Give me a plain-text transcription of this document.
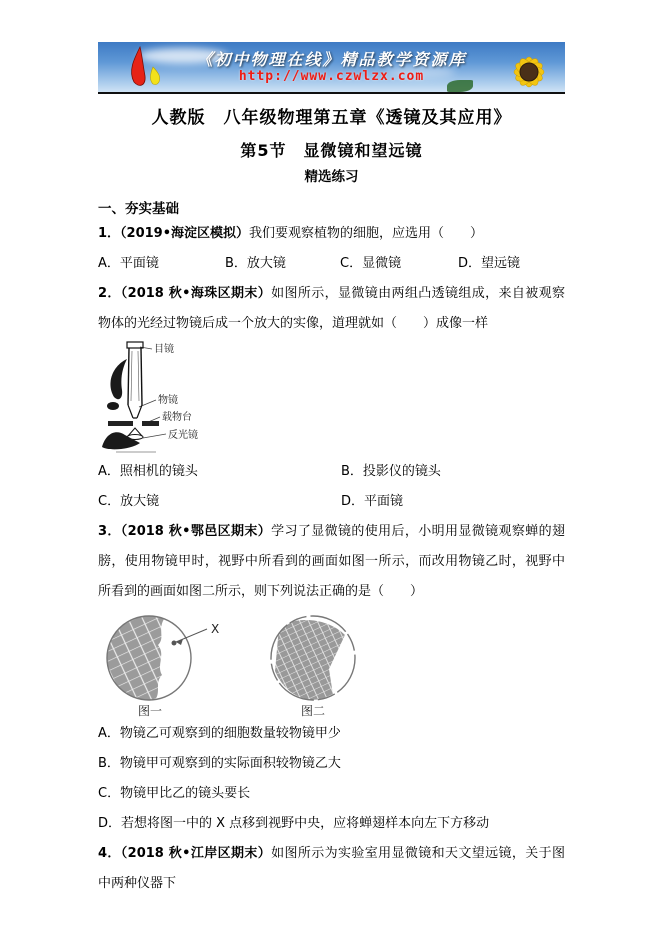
《初中物理在线》精品教学资源库
http://www.czwlzx.com
人教版　八年级物理第五章《透镜及其应用》
第5节　显微镜和望远镜
精选练习
一、夯实基础

1．（2019•海淀区模拟）我们要观察植物的细胞，应选用（　　）

A．平面镜	B．放大镜	C．显微镜	D．望远镜

2．（2018 秋•海珠区期末）如图所示，显微镜由两组凸透镜组成，来自被观察物体的光经过物镜后成一个放大的实像，道理就如（　　）成像一样

目镜
物镜
载物台
反光镜
A．照相机的镜头	B．投影仪的镜头
C．放大镜	D．平面镜

3．（2018 秋•鄂邑区期末）学习了显微镜的使用后，小明用显微镜观察蝉的翅膀，使用物镜甲时，视野中所看到的画面如图一所示，而改用物镜乙时，视野中所看到的画面如图二所示，则下列说法正确的是（　　）

X
图一	图二

A．物镜乙可观察到的细胞数量较物镜甲少

B．物镜甲可观察到的实际面积较物镜乙大

C．物镜甲比乙的镜头要长

D．若想将图一中的 X 点移到视野中央，应将蝉翅样本向左下方移动

4．（2018 秋•江岸区期末）如图所示为实验室用显微镜和天文望远镜，关于图中两种仪器下
